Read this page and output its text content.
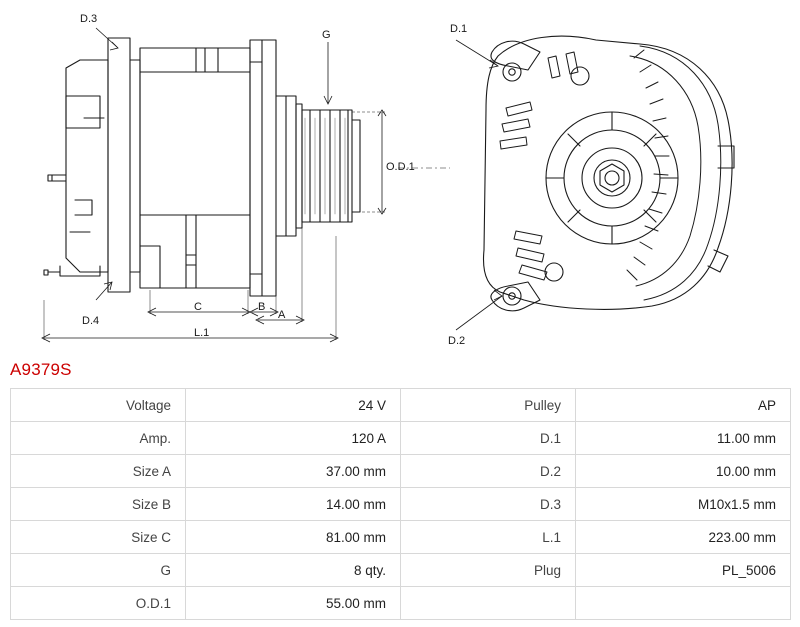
D.3
G
O.D.1
L.1
C	B
A
D.4
D.1
D.2
A9379S
Voltage	24 V	Pulley	AP
Amp.	120 A	D.1	11.00 mm
Size A	37.00 mm	D.2	10.00 mm
Size B	14.00 mm	D.3	M10x1.5 mm
Size C	81.00 mm	L.1	223.00 mm
G	8 qty.	Plug	PL_5006
O.D.1	55.00 mm		
